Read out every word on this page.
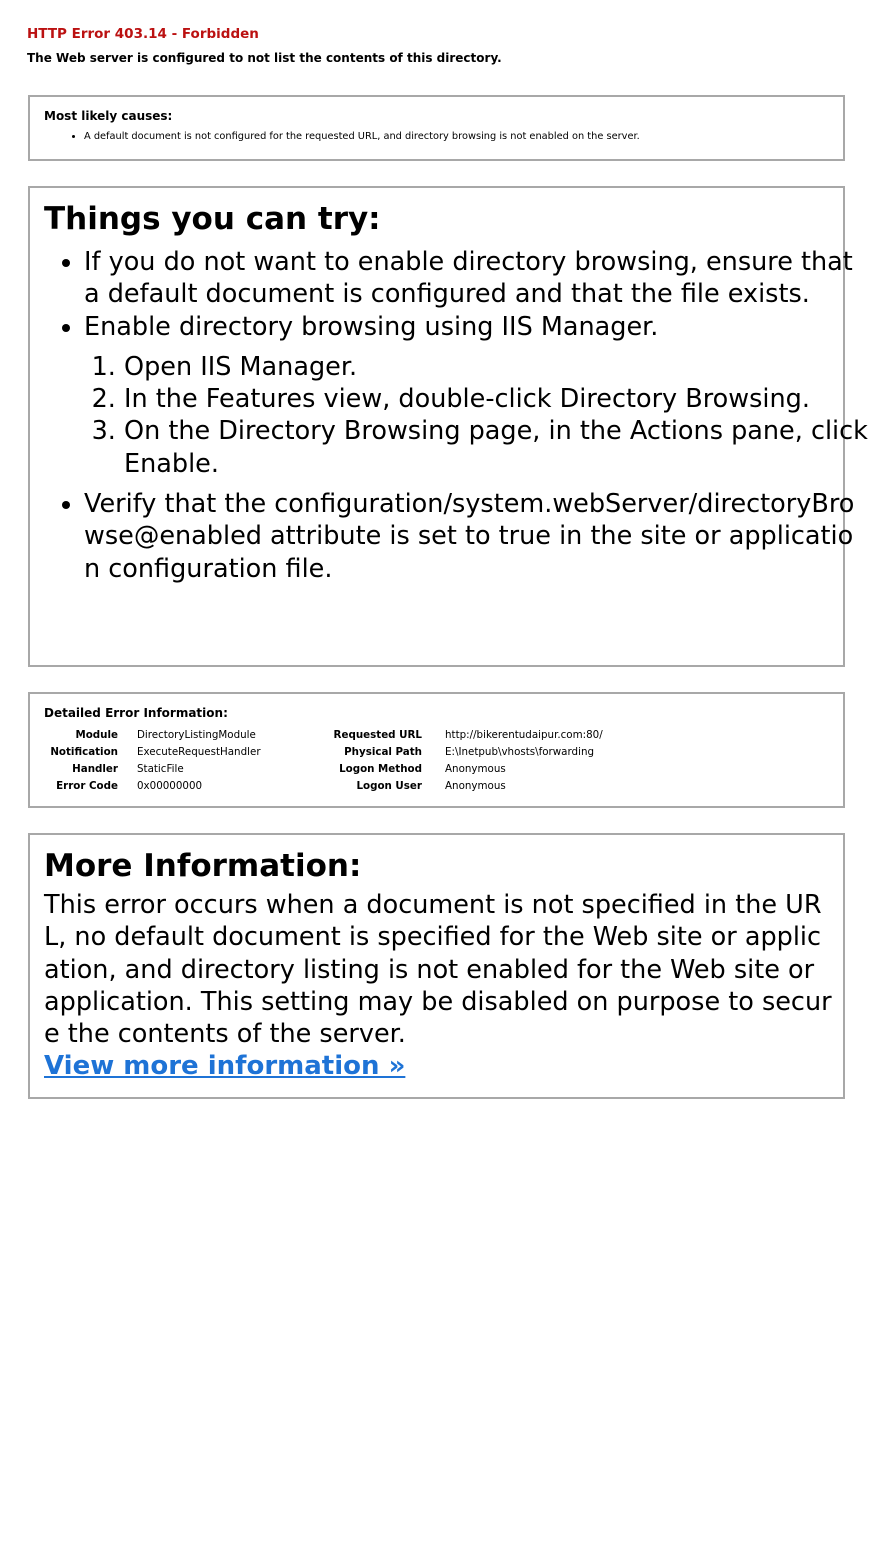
HTTP Error 403.14 - Forbidden
The Web server is configured to not list the contents of this directory.
Most likely causes:
• A default document is not configured for the requested URL, and directory browsing is not enabled on the server.
Things you can try:
• If you do not want to enable directory browsing, ensure that a default document is configured and that the file exists.
• Enable directory browsing using IIS Manager.
1. Open IIS Manager.
2. In the Features view, double-click Directory Browsing.
3. On the Directory Browsing page, in the Actions pane, click Enable.
• Verify that the configuration/system.webServer/directoryBrowse@enabled attribute is set to true in the site or application configuration file.
Detailed Error Information:
Module DirectoryListingModule	Requested URL http://bikerentudaipur.com:80/
Notification ExecuteRequestHandler	Physical Path E:\Inetpub\vhosts\forwarding
Handler StaticFile	Logon Method Anonymous
Error Code 0x00000000	Logon User Anonymous
More Information:

This error occurs when a document is not specified in the URL, no default document is specified for the Web site or application, and directory listing is not enabled for the Web site or application. This setting may be disabled on purpose to secure the contents of the server.

View more information »
